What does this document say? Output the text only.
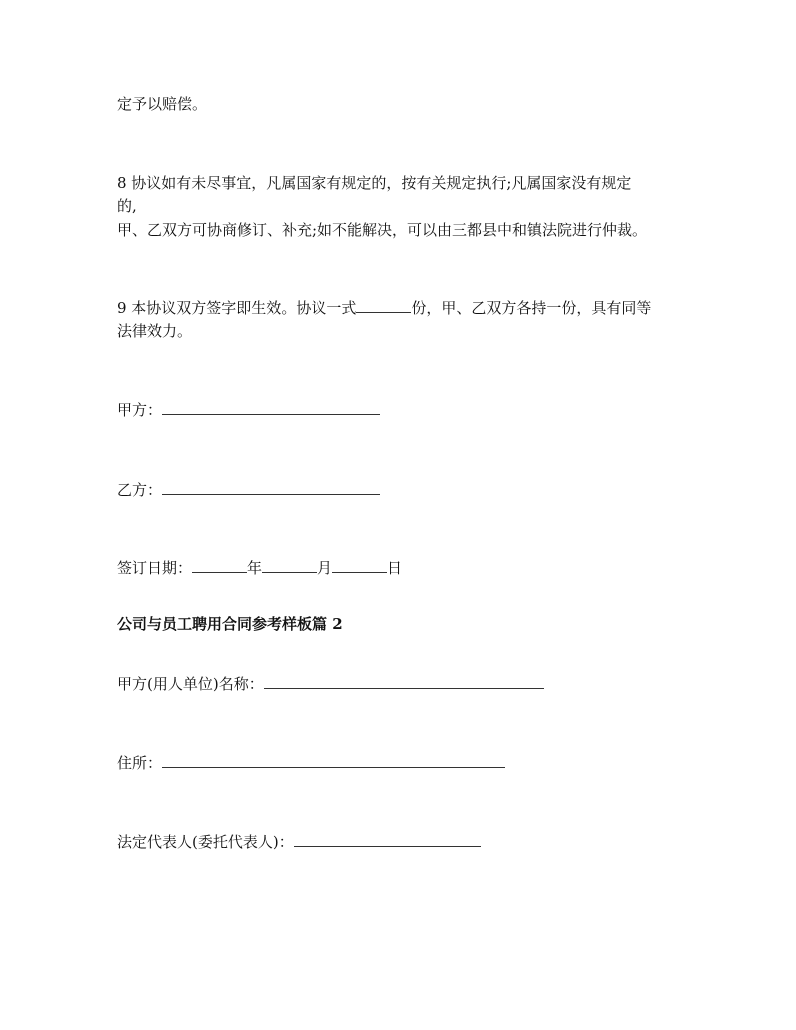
定予以赔偿。
8 协议如有未尽事宜，凡属国家有规定的，按有关规定执行;凡属国家没有规定
的,
甲、乙双方可协商修订、补充;如不能解决，可以由三都县中和镇法院进行仲裁。
9 本协议双方签字即生效。协议一式	份，甲、乙双方各持一份，具有同等
法律效力。
甲方：
乙方：
签订日期：	年	月	日
公司与员工聘用合同参考样板篇 2
甲方(用人单位)名称：
住所：
法定代表人(委托代表人)：
